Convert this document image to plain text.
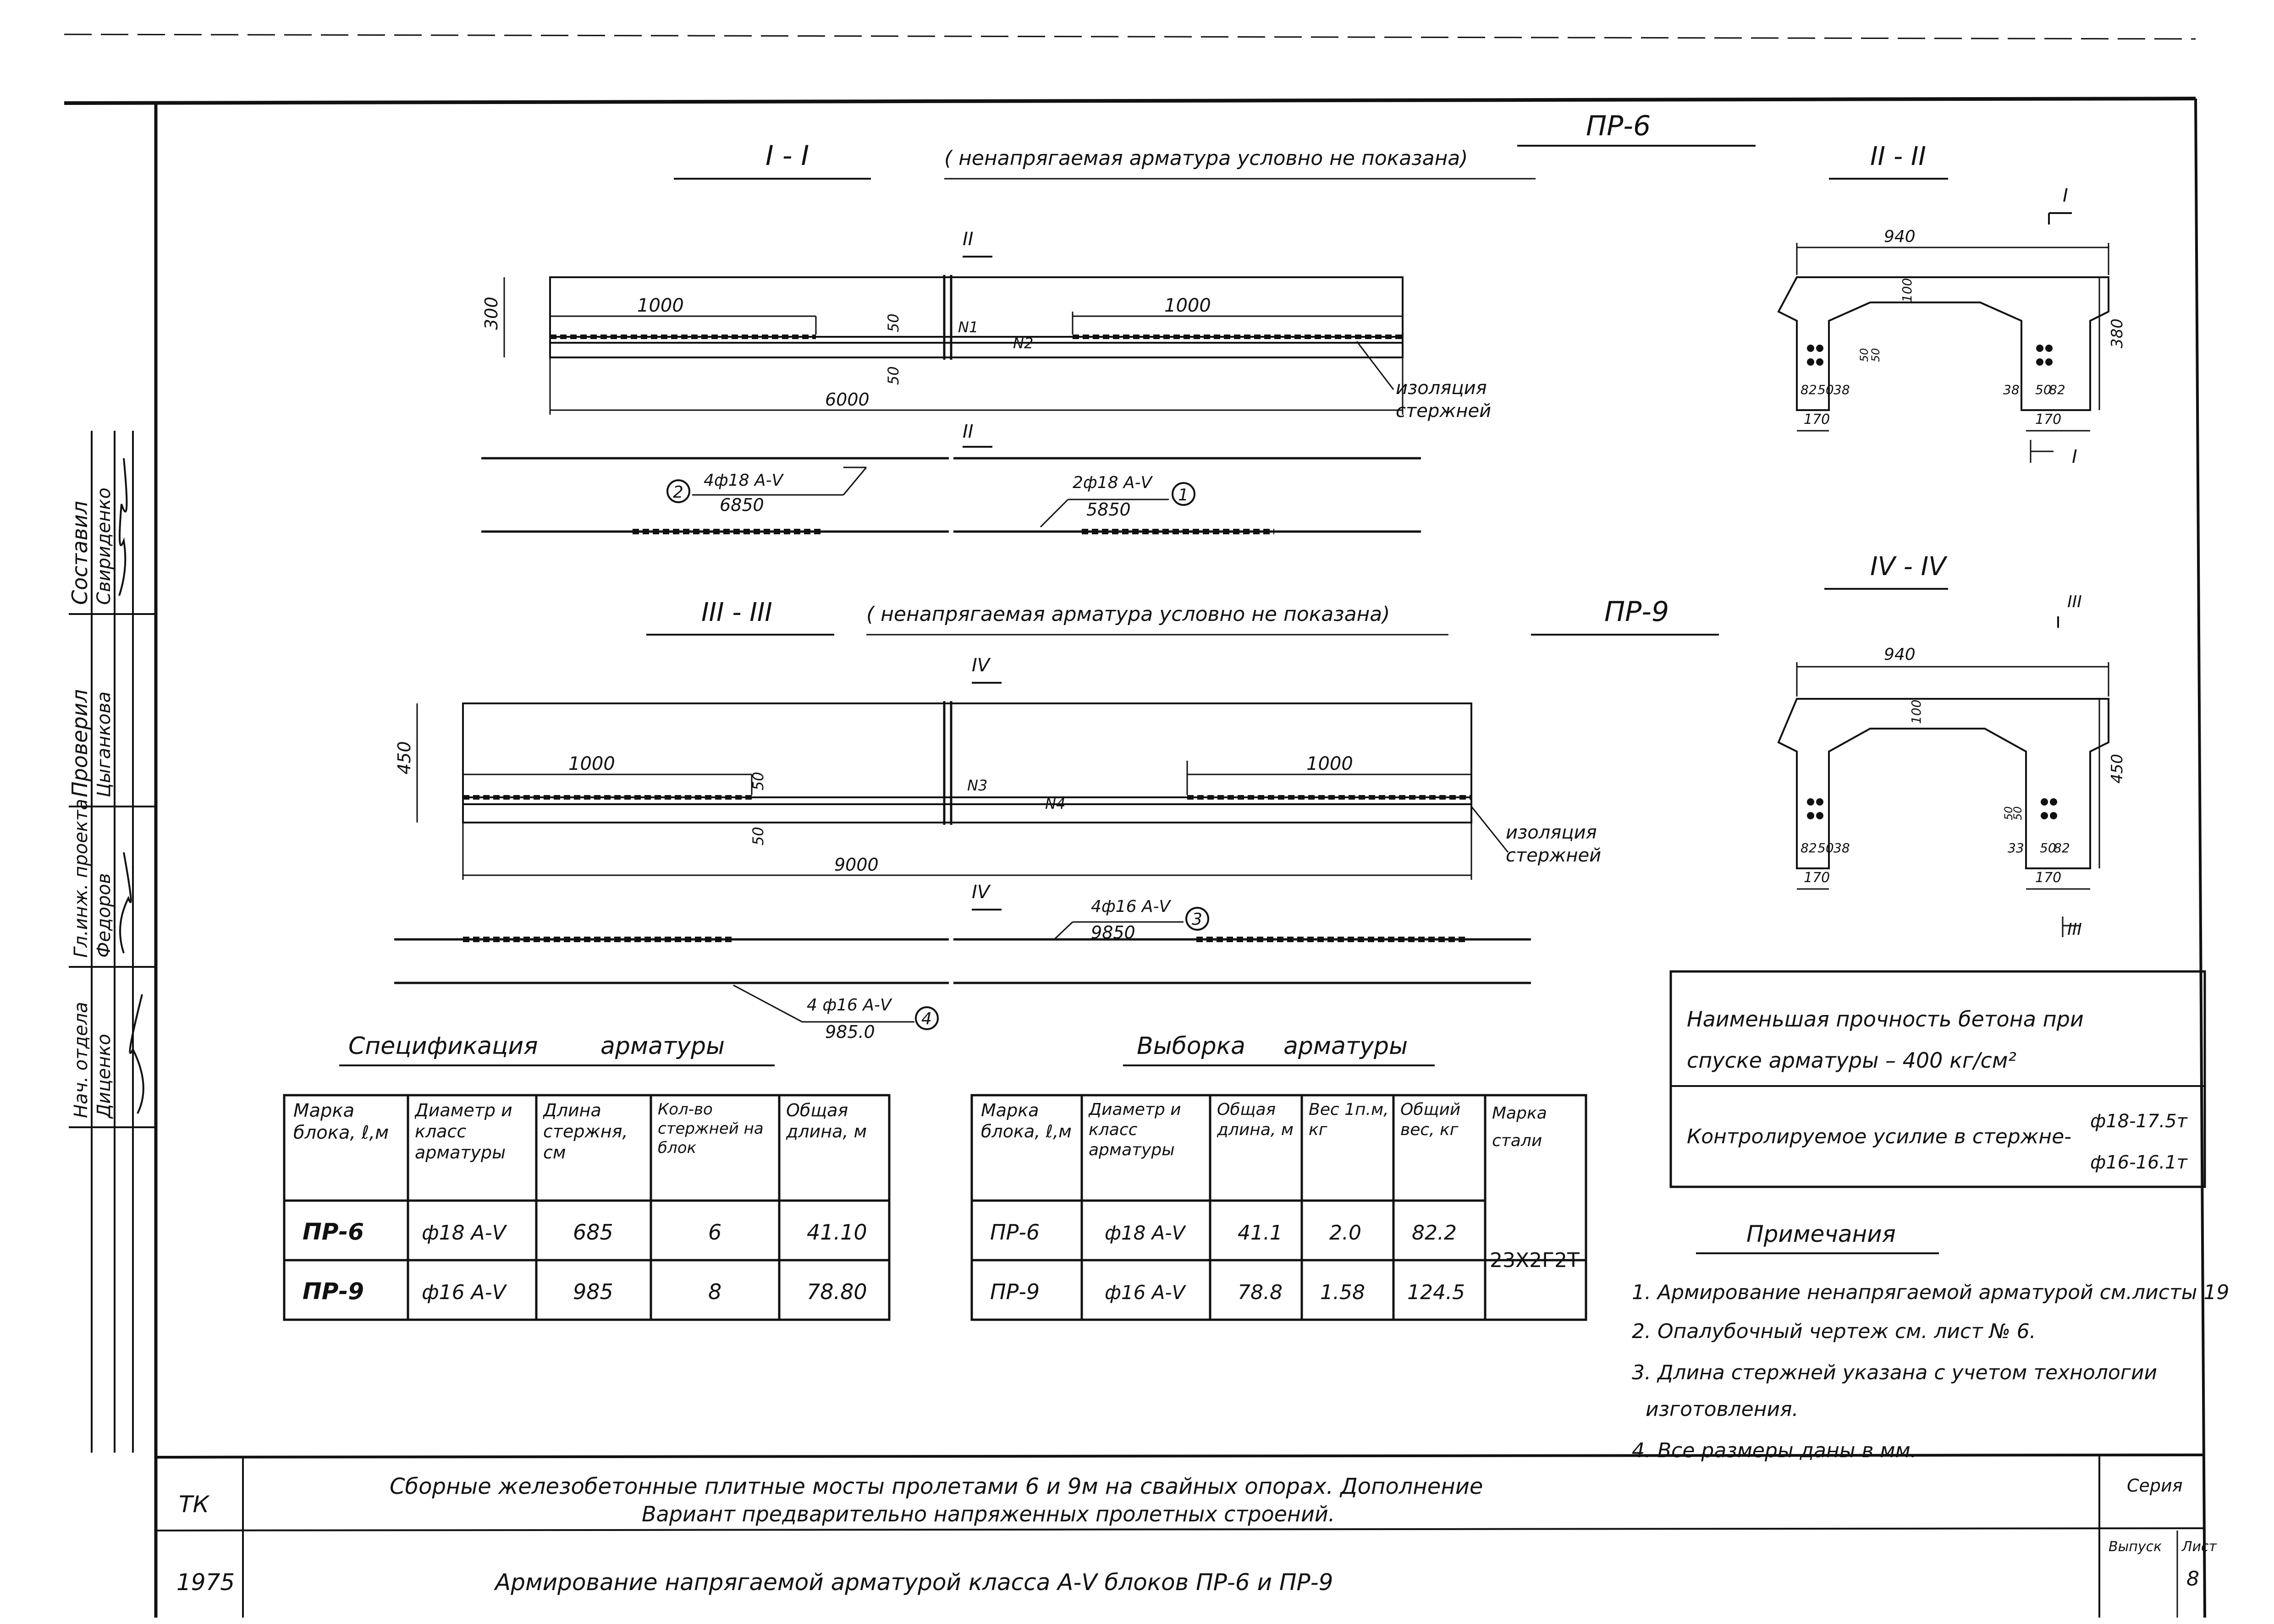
Составил Свириденко
Проверил Цыганкова
Гл.инж. проекта Федоров
Нач. отдела Диценко
ПР-6
I - I	( ненапрягаемая арматура условно не показана)
300	1000	1000
6000
50
50
N1
N2
II
II
изоляция
стержней
2
4ф18 А-Ⅴ
6850	1
2ф18 А-Ⅴ
5850
II - II
I
940
380
100
82 50 38	38 50
82
170	170
50
50
I
III - III	( ненапрягаемая арматура условно не показана)	ПР-9
450	1000	1000
9000
50
50
N3
N4
IV
IV
изоляция
стержней
3
4ф16 А-Ⅴ
9850
4
4 ф16 А-Ⅴ
985.0
IV - IV
III
940
450
100
82 50 38	33 50
82
170	170
50
50
III
Спецификация	арматуры
Марка блока, ℓ,м
Диаметр и класс арматуры
Длина стержня, см
Кол-во стержней на блок
Общая длина, м
ПР-6	ф18 А-Ⅴ	685	6	41.10
ПР-9	ф16 А-Ⅴ	985	8	78.80
Выборка арматуры
Марка блока, ℓ,м
Диаметр и класс арматуры
Общая длина, м
Вес 1п.м, кг
Общий вес, кг
Марка стали
ПР-6	ф18 А-Ⅴ	41.1 2.0	82.2
ПР-9	ф16 А-Ⅴ	78.8 1.58 124.5
23Х2Г2Т
Наименьшая прочность бетона при
спуске арматуры – 400 кг/см²
Контролируемое усилие в стержне-
ф18-17.5т
ф16-16.1т
Примечания
1. Армирование ненапрягаемой арматурой см.листы 19
2. Опалубочный чертеж см. лист № 6.
3. Длина стержней указана с учетом технологии
изготовления.
4. Все размеры даны в мм.
ТК
1975
Сборные железобетонные плитные мосты пролетами 6 и 9м на свайных опорах. Дополнение
Вариант предварительно напряженных пролетных строений.
Армирование напрягаемой арматурой класса А-Ⅴ блоков ПР-6 и ПР-9
Серия
Выпуск Лист
8
